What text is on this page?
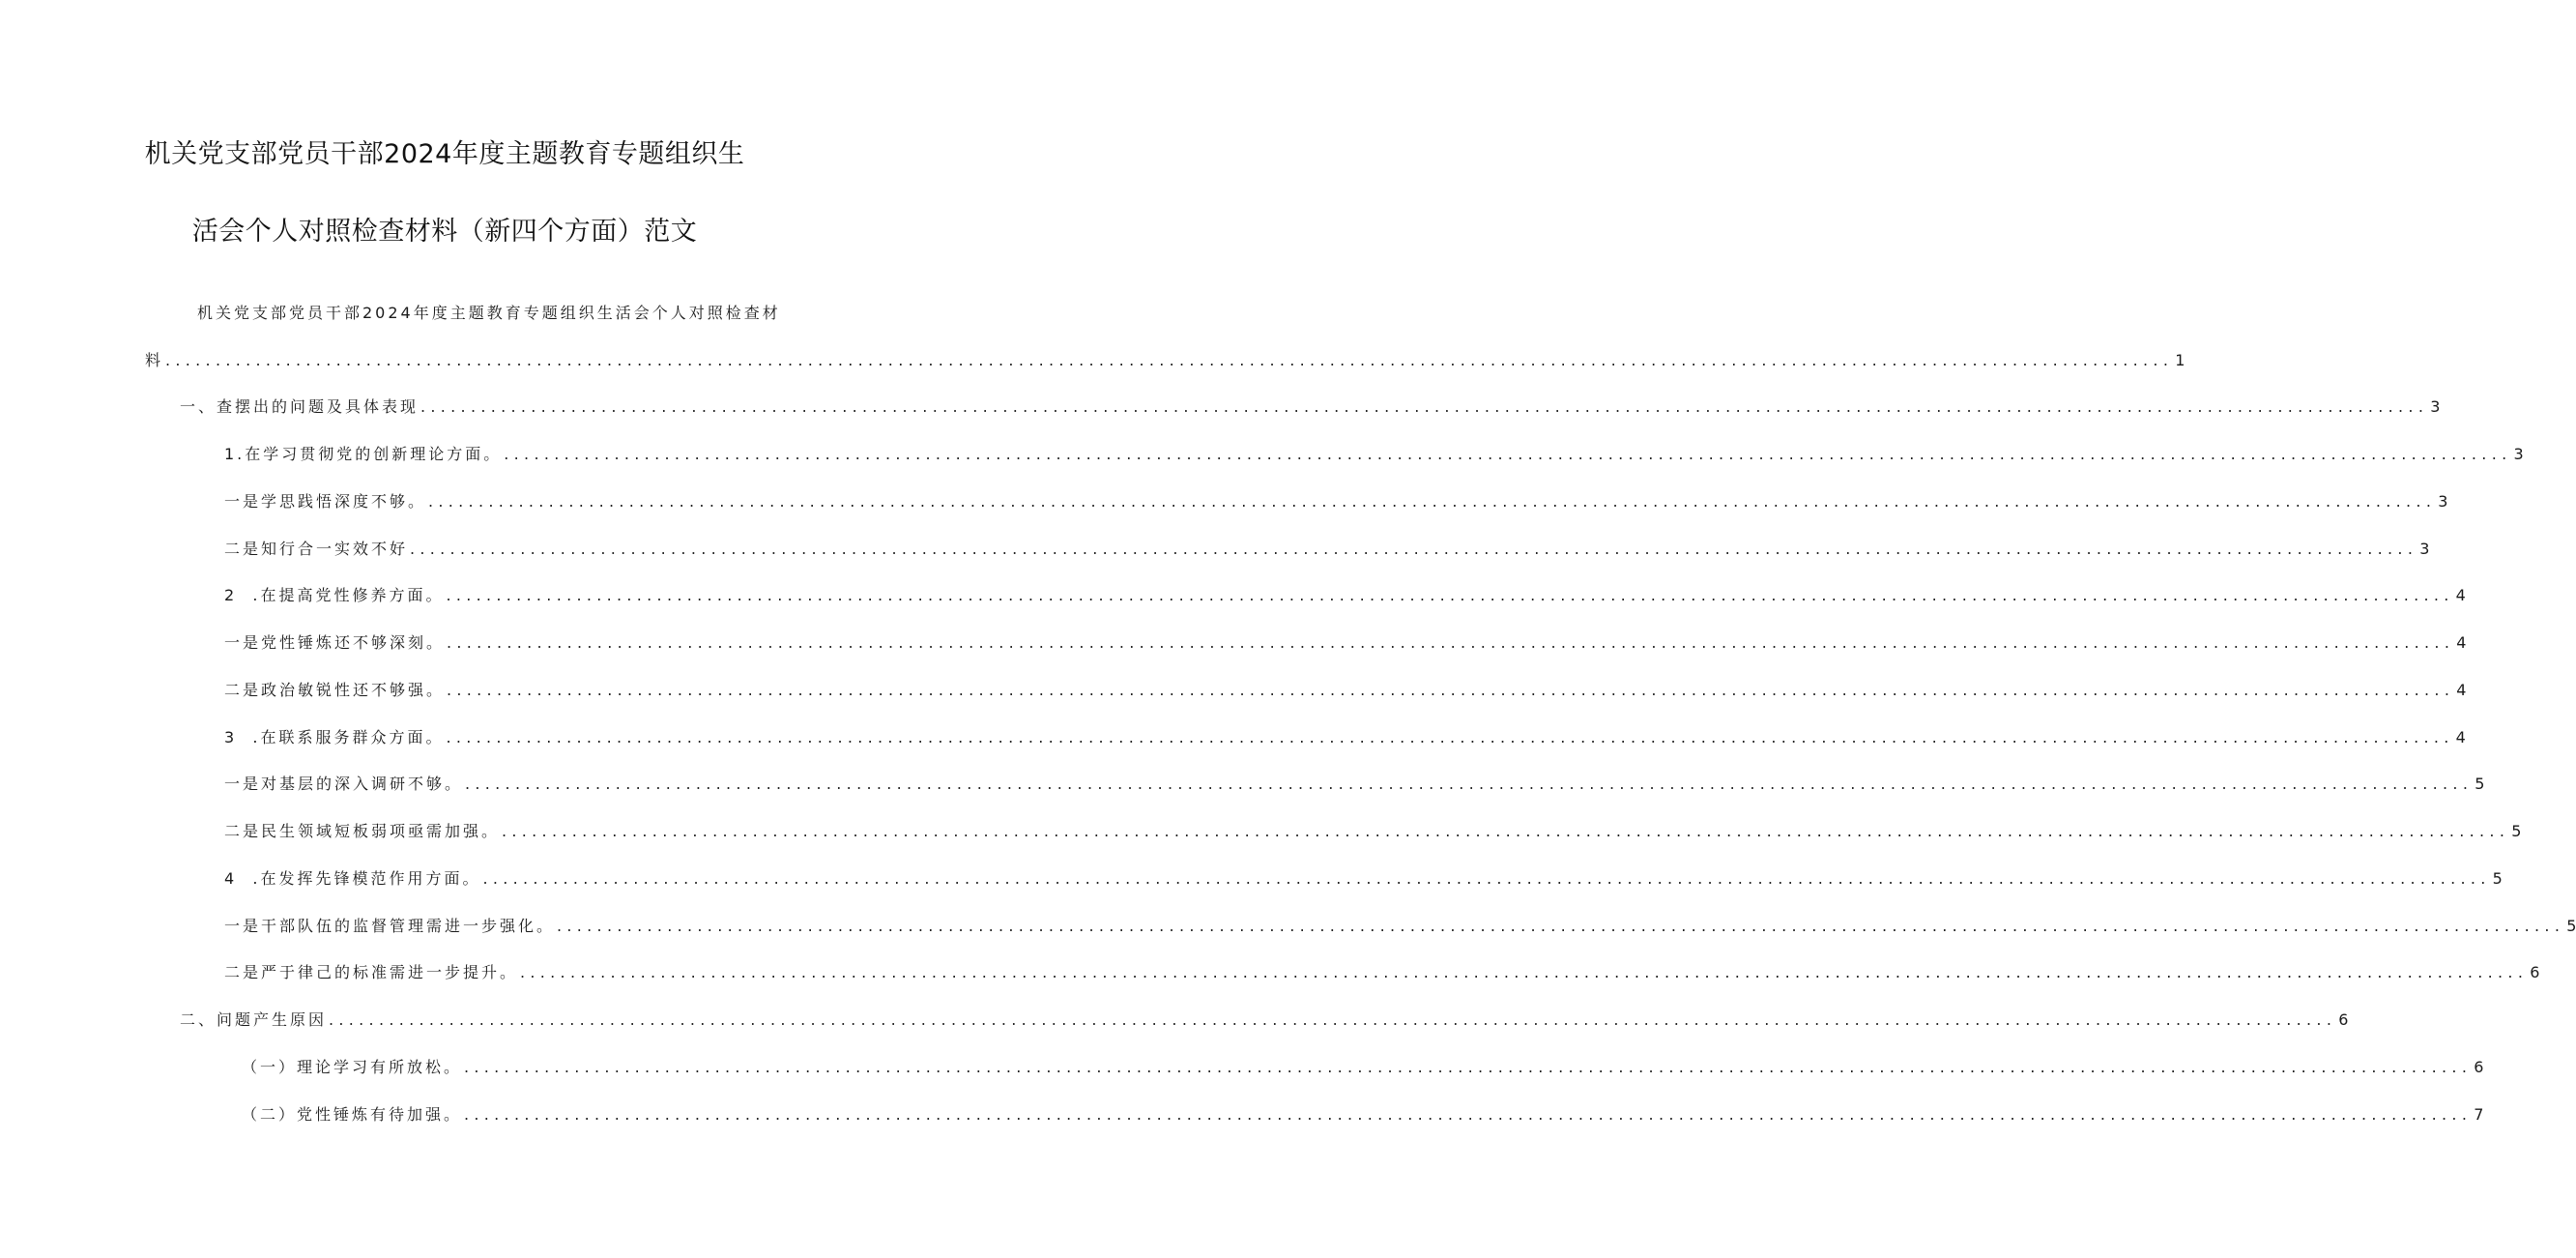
机关党支部党员干部2024年度主题教育专题组织生
活会个人对照检查材料（新四个方面）范文
机关党支部党员干部2024年度主题教育专题组织生活会个人对照检查材
料 ........................................................................................................................................................................................................ 1
一、查摆出的问题及具体表现 ........................................................................................................................................................................................................ 3
1.在学习贯彻党的创新理论方面。 ........................................................................................................................................................................................................ 3
一是学思践悟深度不够。 ........................................................................................................................................................................................................ 3
二是知行合一实效不好 ........................................................................................................................................................................................................ 3
2  .在提高党性修养方面。 ........................................................................................................................................................................................................ 4
一是党性锤炼还不够深刻。 ........................................................................................................................................................................................................ 4
二是政治敏锐性还不够强。 ........................................................................................................................................................................................................ 4
3  .在联系服务群众方面。 ........................................................................................................................................................................................................ 4
一是对基层的深入调研不够。 ........................................................................................................................................................................................................ 5
二是民生领域短板弱项亟需加强。 ........................................................................................................................................................................................................ 5
4  .在发挥先锋模范作用方面。 ........................................................................................................................................................................................................ 5
一是干部队伍的监督管理需进一步强化。 ........................................................................................................................................................................................................ 5
二是严于律己的标准需进一步提升。 ........................................................................................................................................................................................................ 6
二、问题产生原因 ........................................................................................................................................................................................................ 6
（一）理论学习有所放松。 ........................................................................................................................................................................................................ 6
（二）党性锤炼有待加强。 ........................................................................................................................................................................................................ 7
